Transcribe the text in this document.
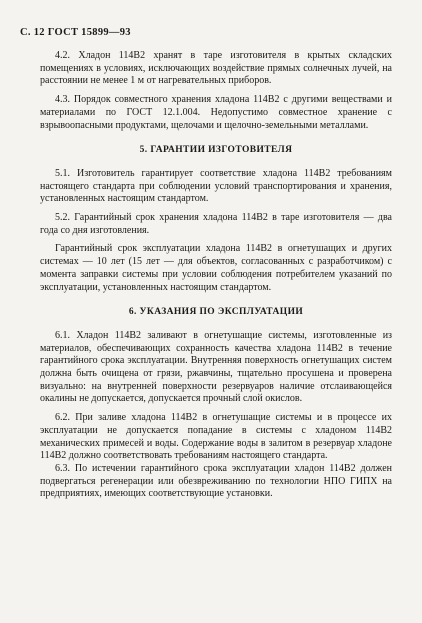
С. 12 ГОСТ 15899—93

4.2. Хладон 114В2 хранят в таре изготовителя в крытых складских помещениях в условиях, исключающих воздействие прямых солнечных лучей, на расстоянии не менее 1 м от нагревательных приборов.

4.3. Порядок совместного хранения хладона 114В2 с другими веществами и материалами по ГОСТ 12.1.004. Недопустимо совместное хранение с взрывоопасными продуктами, щелочами и щелочно-земельными металлами.

5. ГАРАНТИИ ИЗГОТОВИТЕЛЯ

5.1. Изготовитель гарантирует соответствие хладона 114В2 требованиям настоящего стандарта при соблюдении условий транспортирования и хранения, установленных настоящим стандартом.

5.2. Гарантийный срок хранения хладона 114В2 в таре изготовителя — два года со дня изготовления.

Гарантийный срок эксплуатации хладона 114В2 в огнетушащих и других системах — 10 лет (15 лет — для объектов, согласованных с разработчиком) с момента заправки системы при условии соблюдения потребителем указаний по эксплуатации, установленных настоящим стандартом.

6. УКАЗАНИЯ ПО ЭКСПЛУАТАЦИИ

6.1. Хладон 114В2 заливают в огнетушащие системы, изготовленные из материалов, обеспечивающих сохранность качества хладона 114В2 в течение гарантийного срока эксплуатации. Внутренняя поверхность огнетушащих систем должна быть очищена от грязи, ржавчины, тщательно просушена и проверена визуально: на внутренней поверхности резервуаров наличие отслаивающейся окалины не допускается, допускается прочный слой окислов.

6.2. При заливе хладона 114В2 в огнетушащие системы и в процессе их эксплуатации не допускается попадание в системы с хладоном 114В2 механических примесей и воды. Содержание воды в залитом в резервуар хладоне 114В2 должно соответствовать требованиям настоящего стандарта.

6.3. По истечении гарантийного срока эксплуатации хладон 114В2 должен подвергаться регенерации или обезвреживанию по технологии НПО ГИПХ на предприятиях, имеющих соответствующие установки.
